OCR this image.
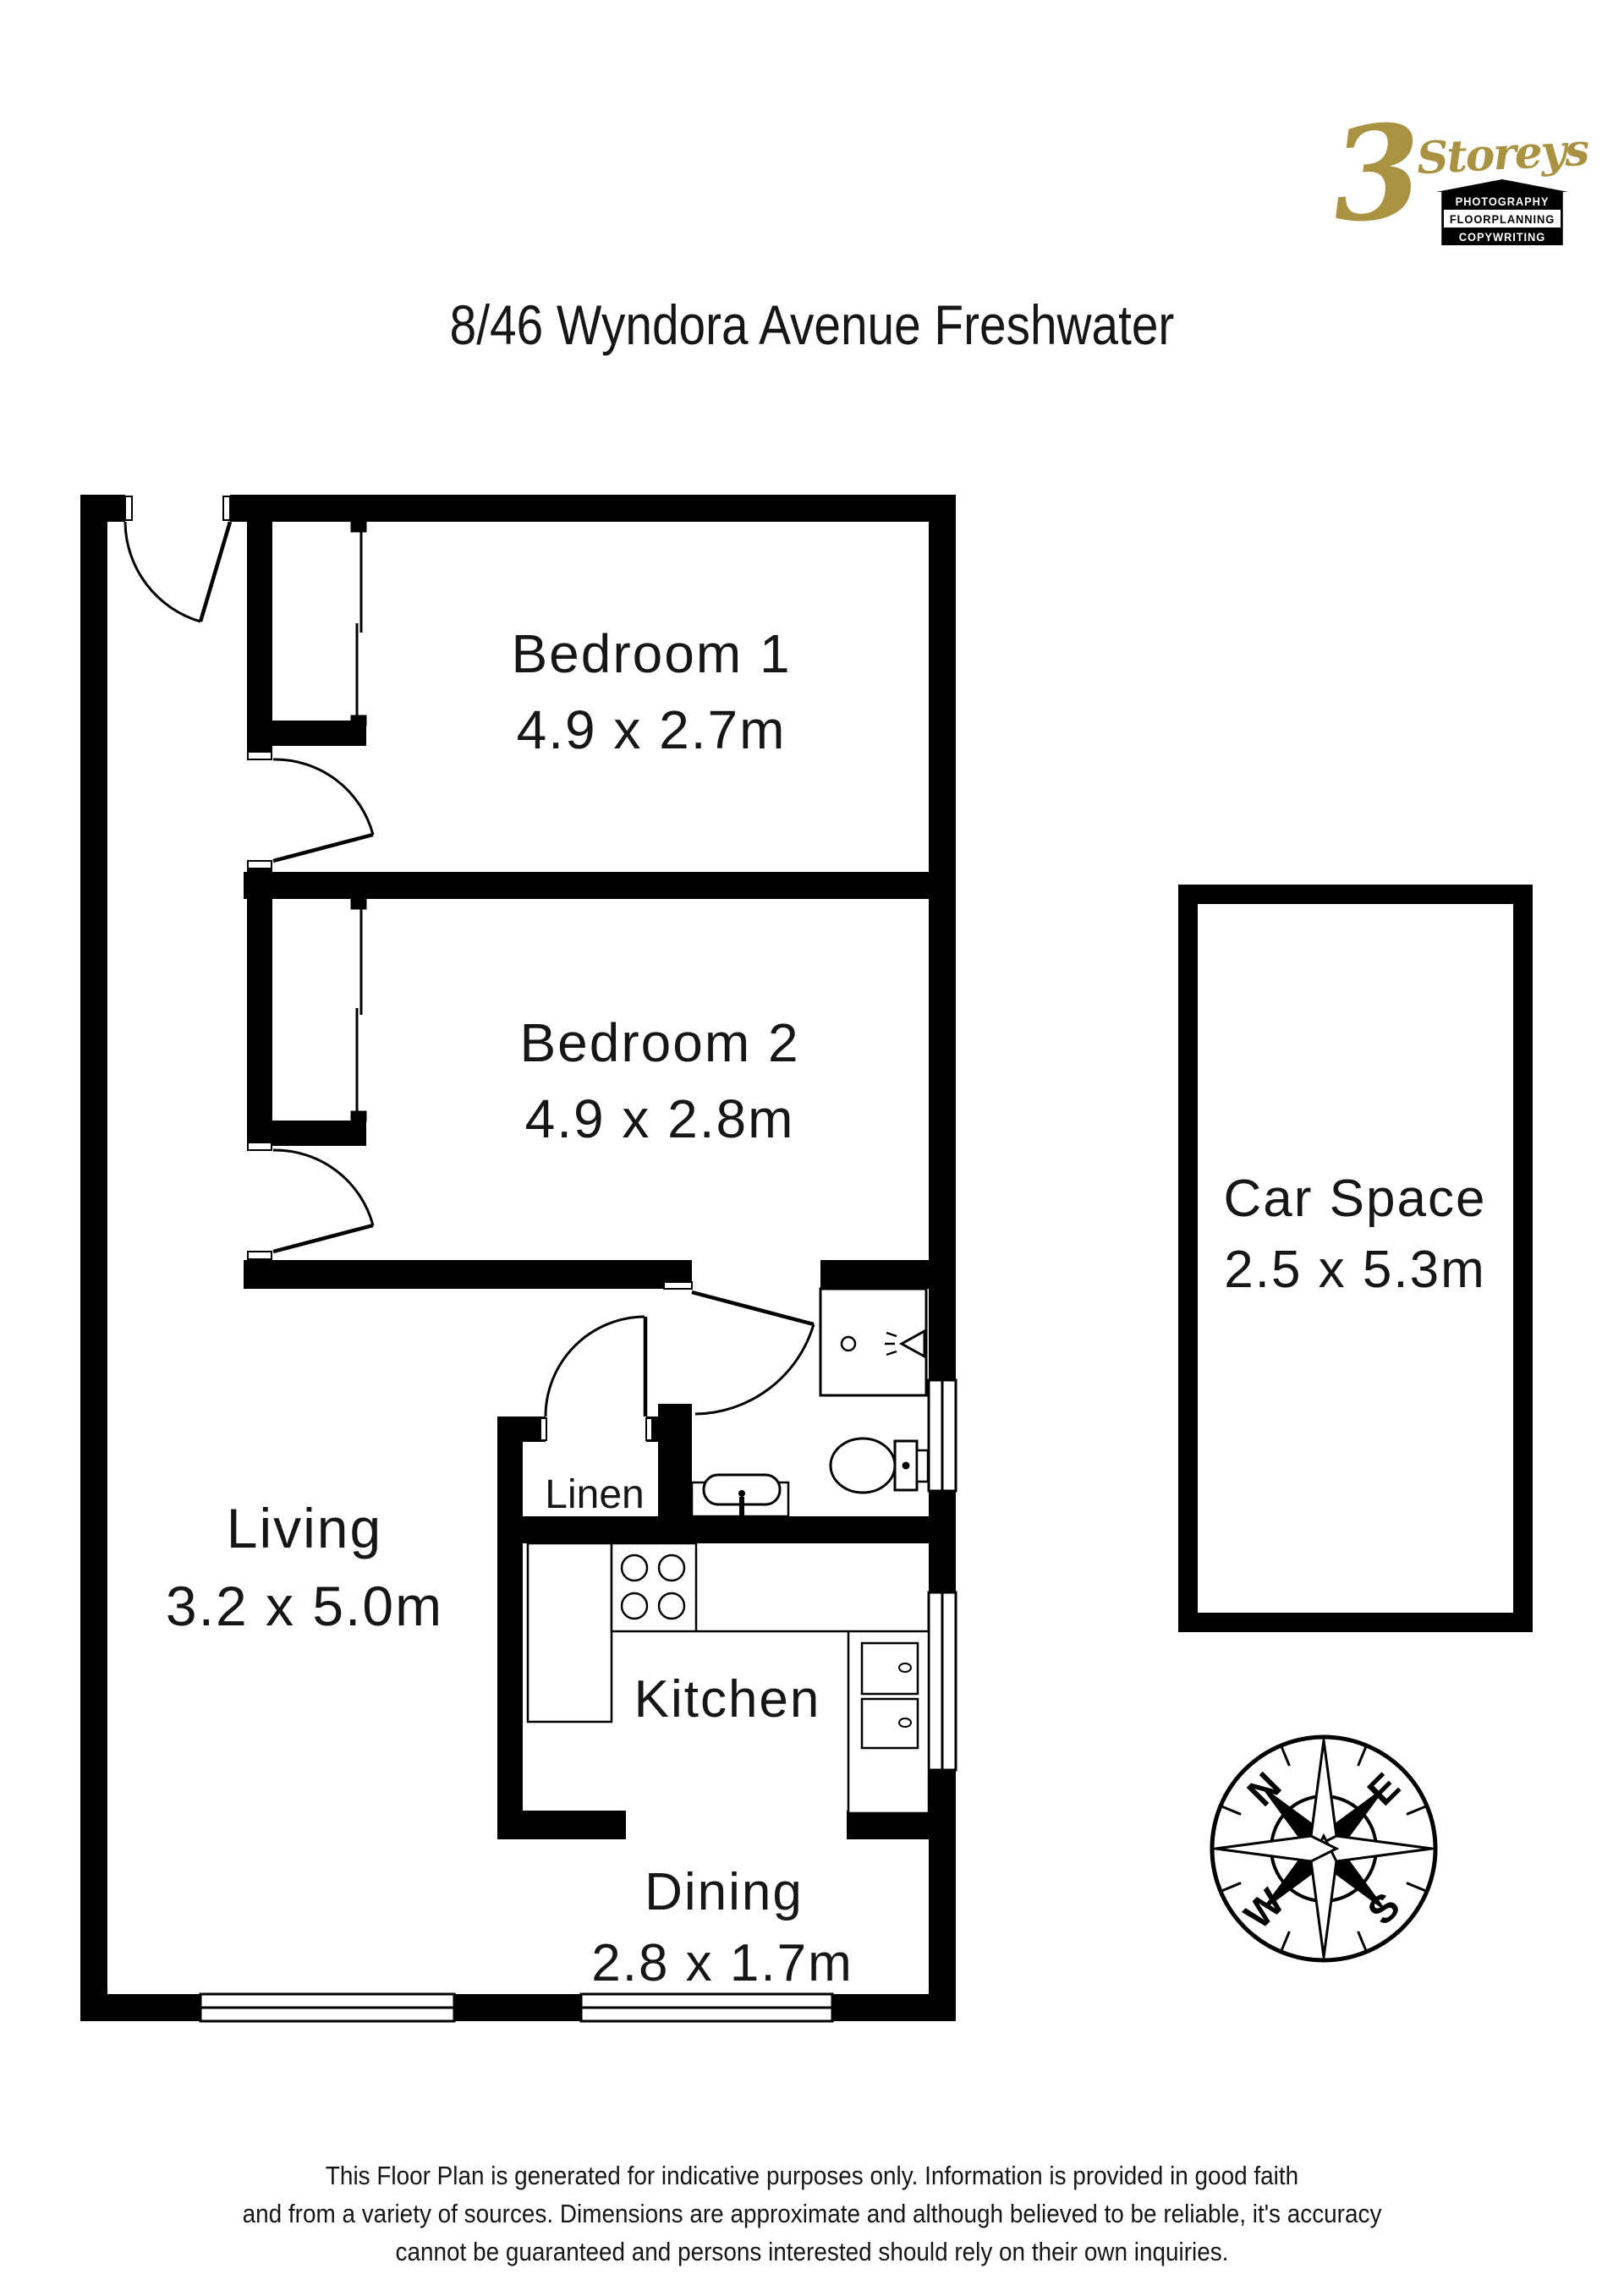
3
Storeys
PHOTOGRAPHY
FLOORPLANNING
COPYWRITING
8/46 Wyndora Avenue Freshwater
N E
S
W
Bedroom 1
4.9 x 2.7m
Bedroom 2
4.9 x 2.8m
Living
3.2 x 5.0m
Linen
Kitchen
Dining
2.8 x 1.7m
Car Space
2.5 x 5.3m
This Floor Plan is generated for indicative purposes only. Information is provided in good faith
and from a variety of sources. Dimensions are approximate and although believed to be reliable, it's accuracy
cannot be guaranteed and persons interested should rely on their own inquiries.
